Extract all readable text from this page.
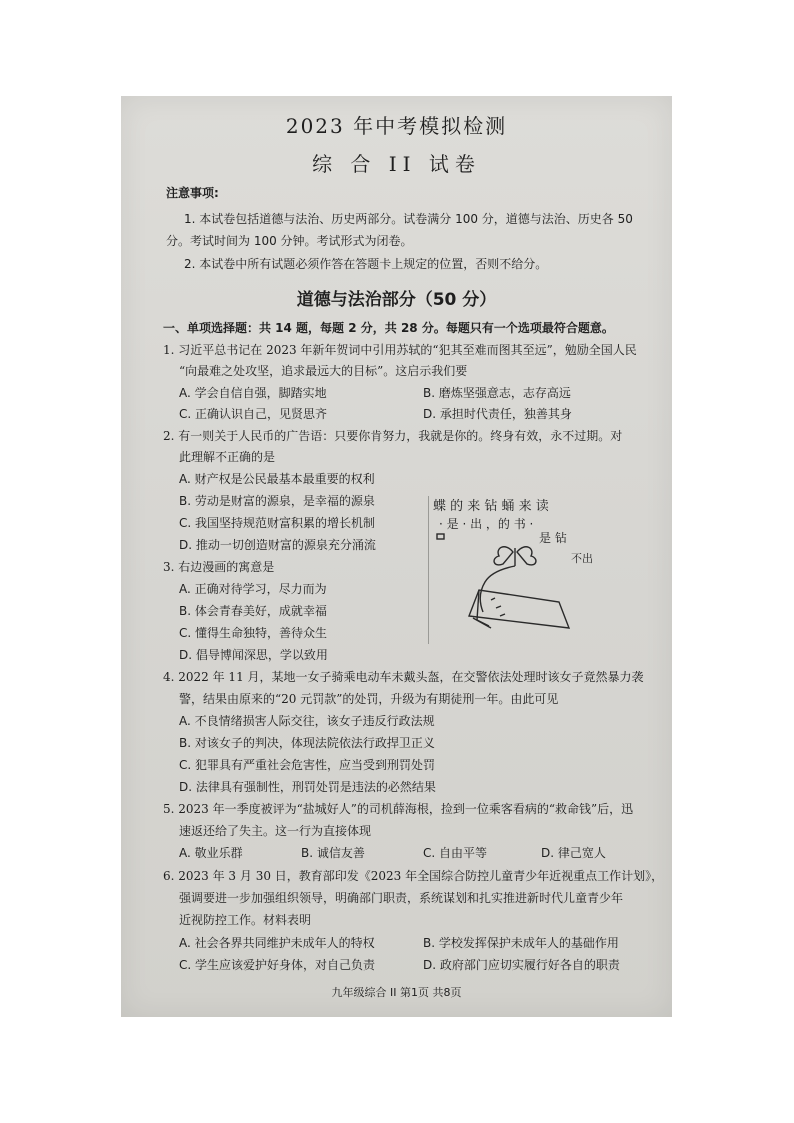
2023 年中考模拟检测
综 合 II 试卷
注意事项:
1. 本试卷包括道德与法治、历史两部分。试卷满分 100 分，道德与法治、历史各 50
分。考试时间为 100 分钟。考试形式为闭卷。
2. 本试卷中所有试题必须作答在答题卡上规定的位置，否则不给分。
道德与法治部分（50 分）
一、单项选择题：共 14 题，每题 2 分，共 28 分。每题只有一个选项最符合题意。
1. 习近平总书记在 2023 年新年贺词中引用苏轼的“犯其至难而图其至远”，勉励全国人民
“向最难之处攻坚，追求最远大的目标”。这启示我们要
A. 学会自信自强，脚踏实地	B. 磨炼坚强意志，志存高远
C. 正确认识自己，见贤思齐	D. 承担时代责任，独善其身
2. 有一则关于人民币的广告语：只要你肯努力，我就是你的。终身有效，永不过期。对
此理解不正确的是
A. 财产权是公民最基本最重要的权利
B. 劳动是财富的源泉，是幸福的源泉
C. 我国坚持规范财富积累的增长机制
D. 推动一切创造财富的源泉充分涌流
3. 右边漫画的寓意是
A. 正确对待学习，尽力而为
B. 体会青春美好，成就幸福
C. 懂得生命独特，善待众生
D. 倡导博闻深思，学以致用
蝶 的 来 钻 蛹 来 读
· 是 · 出 ，的 书 ·
是 钻
不出
4. 2022 年 11 月，某地一女子骑乘电动车未戴头盔，在交警依法处理时该女子竟然暴力袭
警，结果由原来的“20 元罚款”的处罚，升级为有期徒刑一年。由此可见
A. 不良情绪损害人际交往，该女子违反行政法规
B. 对该女子的判决，体现法院依法行政捍卫正义
C. 犯罪具有严重社会危害性，应当受到刑罚处罚
D. 法律具有强制性，刑罚处罚是违法的必然结果
5. 2023 年一季度被评为“盐城好人”的司机薛海根，捡到一位乘客看病的“救命钱”后，迅
速返还给了失主。这一行为直接体现
A. 敬业乐群	B. 诚信友善	C. 自由平等	D. 律己宽人
6. 2023 年 3 月 30 日，教育部印发《2023 年全国综合防控儿童青少年近视重点工作计划》，
强调要进一步加强组织领导，明确部门职责，系统谋划和扎实推进新时代儿童青少年
近视防控工作。材料表明
A. 社会各界共同维护未成年人的特权	B. 学校发挥保护未成年人的基础作用
C. 学生应该爱护好身体，对自己负责	D. 政府部门应切实履行好各自的职责
九年级综合 II 第1页 共8页
